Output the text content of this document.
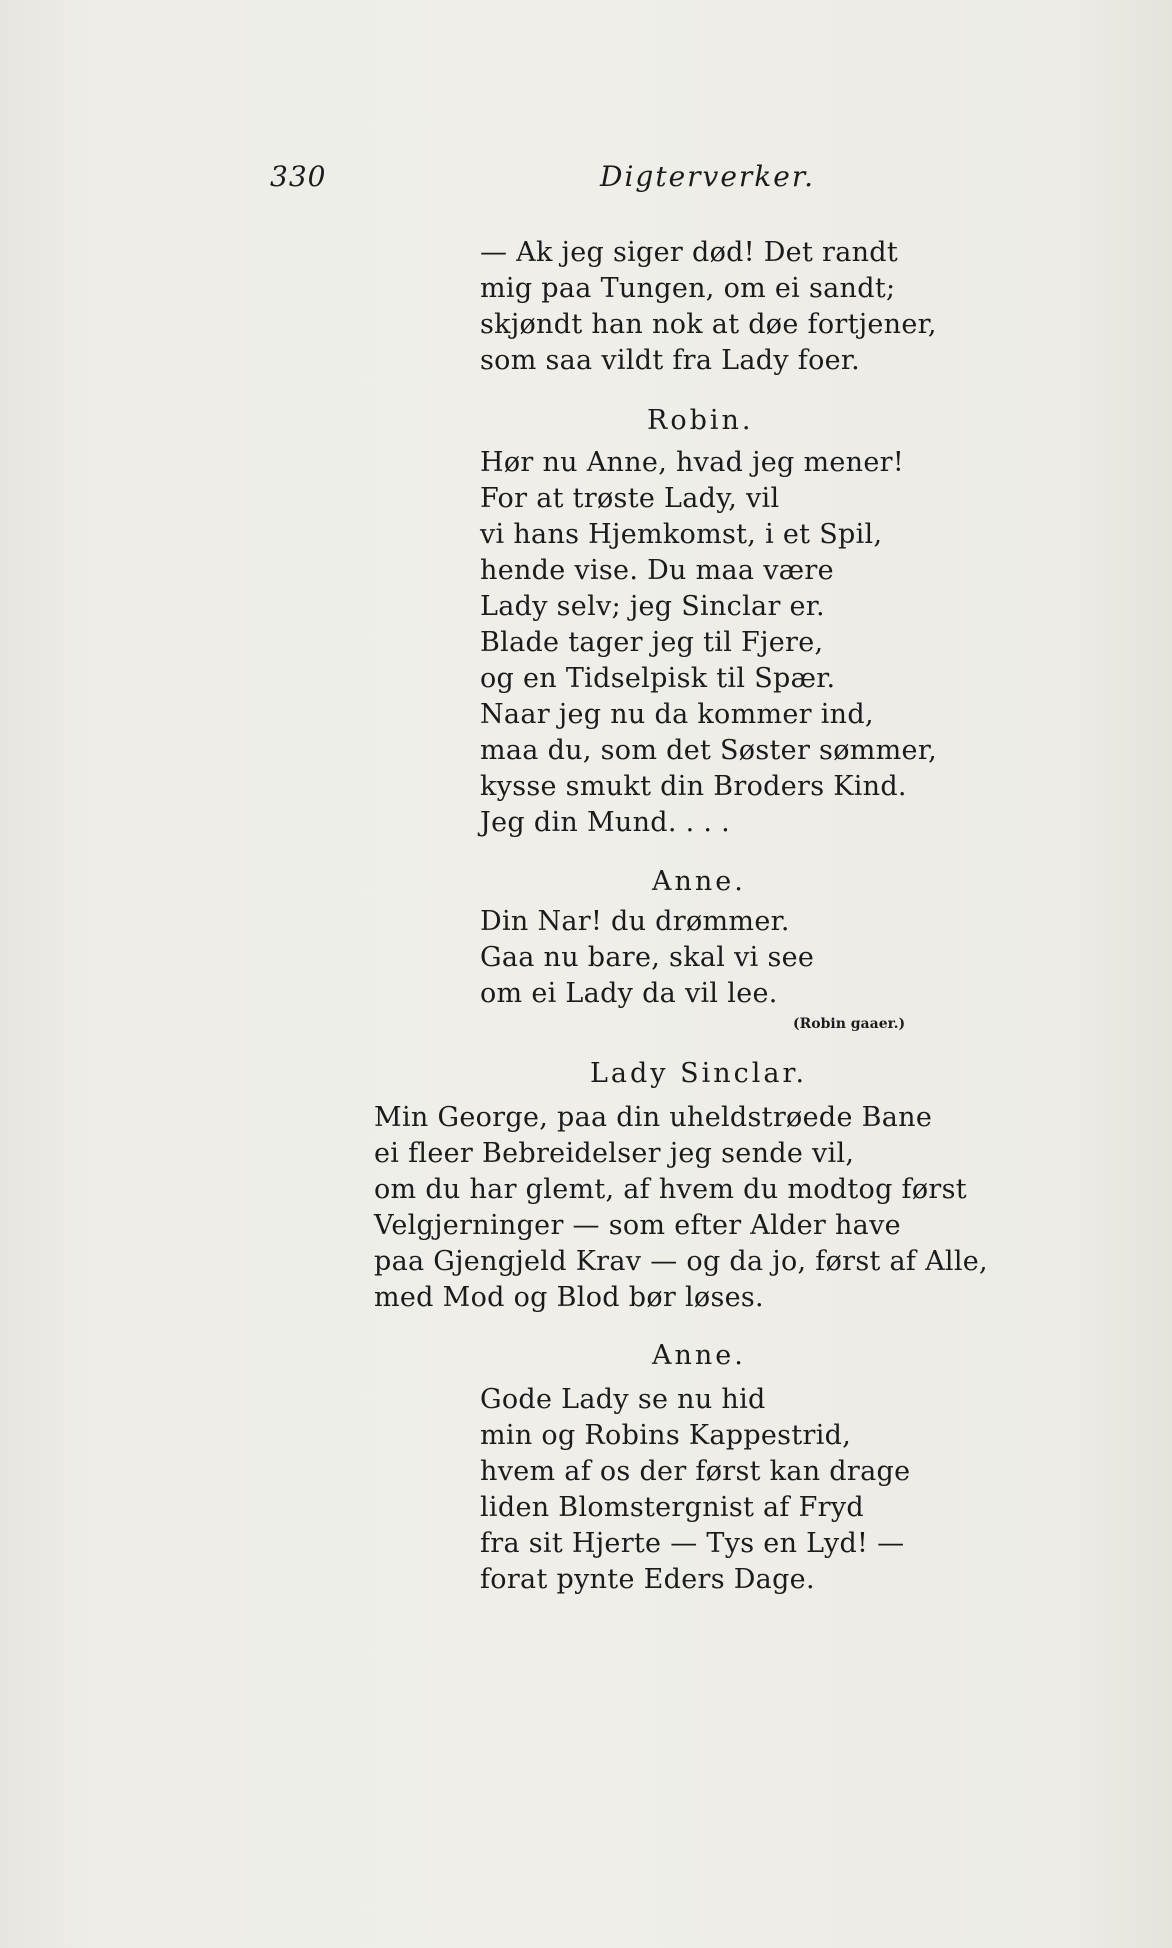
330	Digterverker.
— Ak jeg siger død! Det randt
mig paa Tungen, om ei sandt;
skjøndt han nok at døe fortjener,
som saa vildt fra Lady foer.
Robin.
Hør nu Anne, hvad jeg mener!
For at trøste Lady, vil
vi hans Hjemkomst, i et Spil,
hende vise. Du maa være
Lady selv; jeg Sinclar er.
Blade tager jeg til Fjere,
og en Tidselpisk til Spær.
Naar jeg nu da kommer ind,
maa du, som det Søster sømmer,
kysse smukt din Broders Kind.
Jeg din Mund. . . .
Anne.
Din Nar! du drømmer.
Gaa nu bare, skal vi see
om ei Lady da vil lee.
(Robin gaaer.)
Lady Sinclar.
Min George, paa din uheldstrøede Bane
ei fleer Bebreidelser jeg sende vil,
om du har glemt, af hvem du modtog først
Velgjerninger — som efter Alder have
paa Gjengjeld Krav — og da jo, først af Alle,
med Mod og Blod bør løses.
Anne.
Gode Lady se nu hid
min og Robins Kappestrid,
hvem af os der først kan drage
liden Blomstergnist af Fryd
fra sit Hjerte — Tys en Lyd! —
forat pynte Eders Dage.
